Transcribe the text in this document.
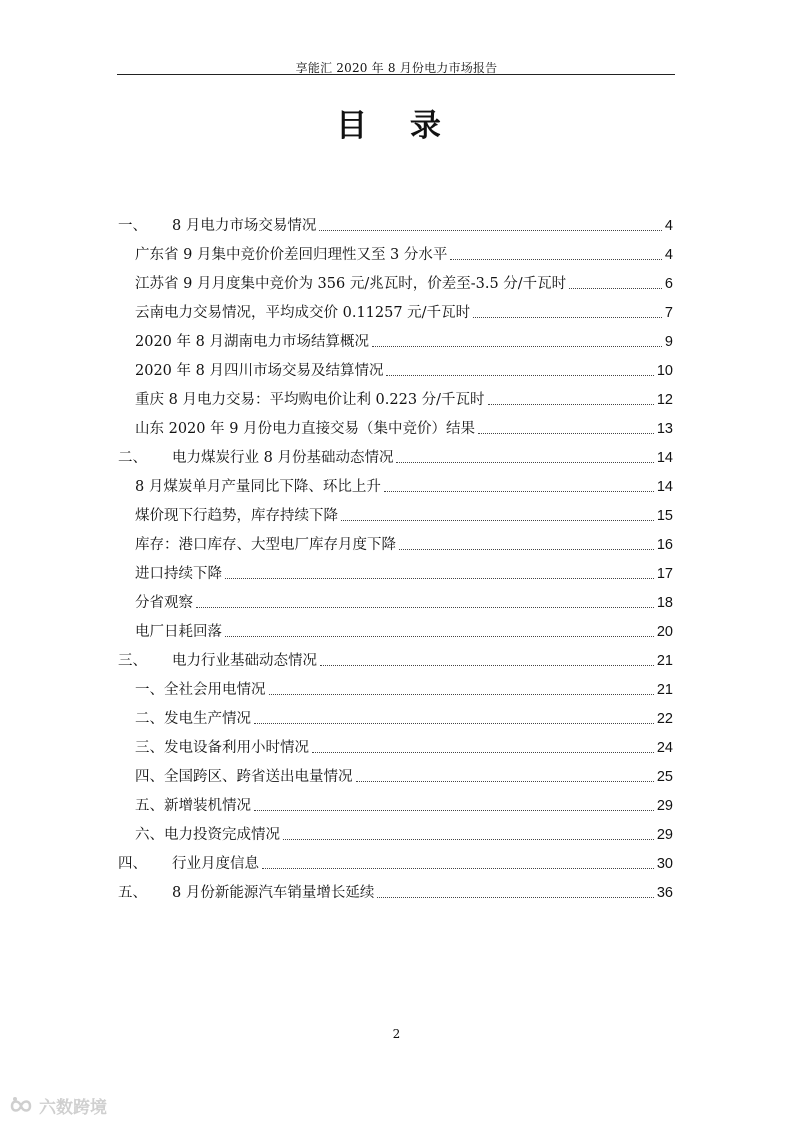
享能汇 2020 年 8 月份电力市场报告
目 录
一、	8 月电力市场交易情况	4
广东省 9 月集中竞价价差回归理性又至 3 分水平	4
江苏省 9 月月度集中竞价为 356 元/兆瓦时，价差至-3.5 分/千瓦时	6
云南电力交易情况，平均成交价 0.11257 元/千瓦时	7
2020 年 8 月湖南电力市场结算概况	9
2020 年 8 月四川市场交易及结算情况	10
重庆 8 月电力交易：平均购电价让利 0.223 分/千瓦时	12
山东 2020 年 9 月份电力直接交易（集中竞价）结果	13
二、	电力煤炭行业 8 月份基础动态情况	14
8 月煤炭单月产量同比下降、环比上升	14
煤价现下行趋势，库存持续下降	15
库存：港口库存、大型电厂库存月度下降	16
进口持续下降	17
分省观察	18
电厂日耗回落	20
三、	电力行业基础动态情况	21
一、全社会用电情况	21
二、发电生产情况	22
三、发电设备利用小时情况	24
四、全国跨区、跨省送出电量情况	25
五、新增装机情况	29
六、电力投资完成情况	29
四、	行业月度信息	30
五、	8 月份新能源汽车销量增长延续	36
2
六数跨境
